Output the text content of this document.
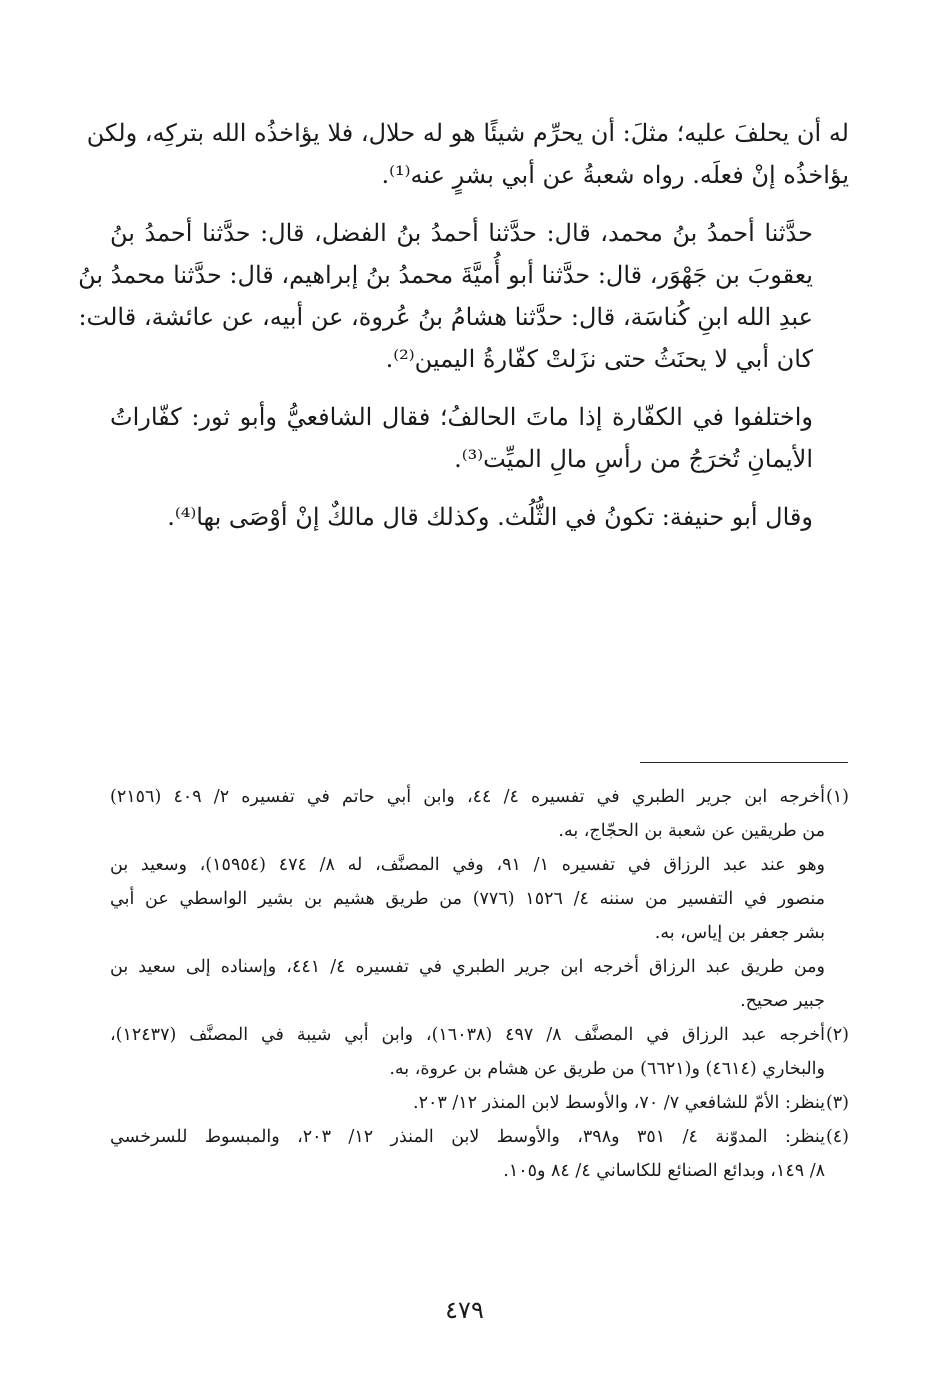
له أن يحلفَ عليه؛ مثلَ: أن يحرِّم شيئًا هو له حلال، فلا يؤاخذُه الله بتركِه، ولكن
يؤاخذُه إنْ فعلَه. رواه شعبةُ عن أبي بشرٍ عنه⁽¹⁾.

حدَّثنا أحمدُ بنُ محمد، قال: حدَّثنا أحمدُ بنُ الفضل، قال: حدَّثنا أحمدُ بنُ
يعقوبَ بن جَهْوَر، قال: حدَّثنا أبو أُميَّةَ محمدُ بنُ إبراهيم، قال: حدَّثنا محمدُ بنُ
عبدِ الله ابنِ كُناسَة، قال: حدَّثنا هشامُ بنُ عُروة، عن أبيه، عن عائشة، قالت:
كان أبي لا يحنَثُ حتى نزَلتْ كفّارةُ اليمين⁽²⁾.

واختلفوا في الكفّارة إذا ماتَ الحالفُ؛ فقال الشافعيُّ وأبو ثور: كفّاراتُ
الأيمانِ تُخرَجُ من رأسِ مالِ الميِّت⁽³⁾.

وقال أبو حنيفة: تكونُ في الثُّلُث. وكذلك قال مالكٌ إنْ أوْصَى بها⁽⁴⁾.

(١)
أخرجه ابن جرير الطبري في تفسيره ٤/ ٤٤، وابن أبي حاتم في تفسيره ٢/ ٤٠٩ (٢١٥٦)
من طريقين عن شعبة بن الحجّاج، به.
وهو عند عبد الرزاق في تفسيره ١/ ٩١، وفي المصنَّف، له ٨/ ٤٧٤ (١٥٩٥٤)، وسعيد بن
منصور في التفسير من سننه ٤/ ١٥٢٦ (٧٧٦) من طريق هشيم بن بشير الواسطي عن أبي
بشر جعفر بن إياس، به.
ومن طريق عبد الرزاق أخرجه ابن جرير الطبري في تفسيره ٤/ ٤٤١، وإسناده إلى سعيد بن
جبير صحيح.
(٢)
أخرجه عبد الرزاق في المصنَّف ٨/ ٤٩٧ (١٦٠٣٨)، وابن أبي شيبة في المصنَّف (١٢٤٣٧)،
والبخاري (٤٦١٤) و(٦٦٢١) من طريق عن هشام بن عروة، به.
(٣)
ينظر: الأمّ للشافعي ٧/ ٧٠، والأوسط لابن المنذر ١٢/ ٢٠٣.
(٤)
ينظر: المدوّنة ٤/ ٣٥١ و٣٩٨، والأوسط لابن المنذر ١٢/ ٢٠٣، والمبسوط للسرخسي
٨/ ١٤٩، وبدائع الصنائع للكاساني ٤/ ٨٤ و١٠٥.
٤٧٩
